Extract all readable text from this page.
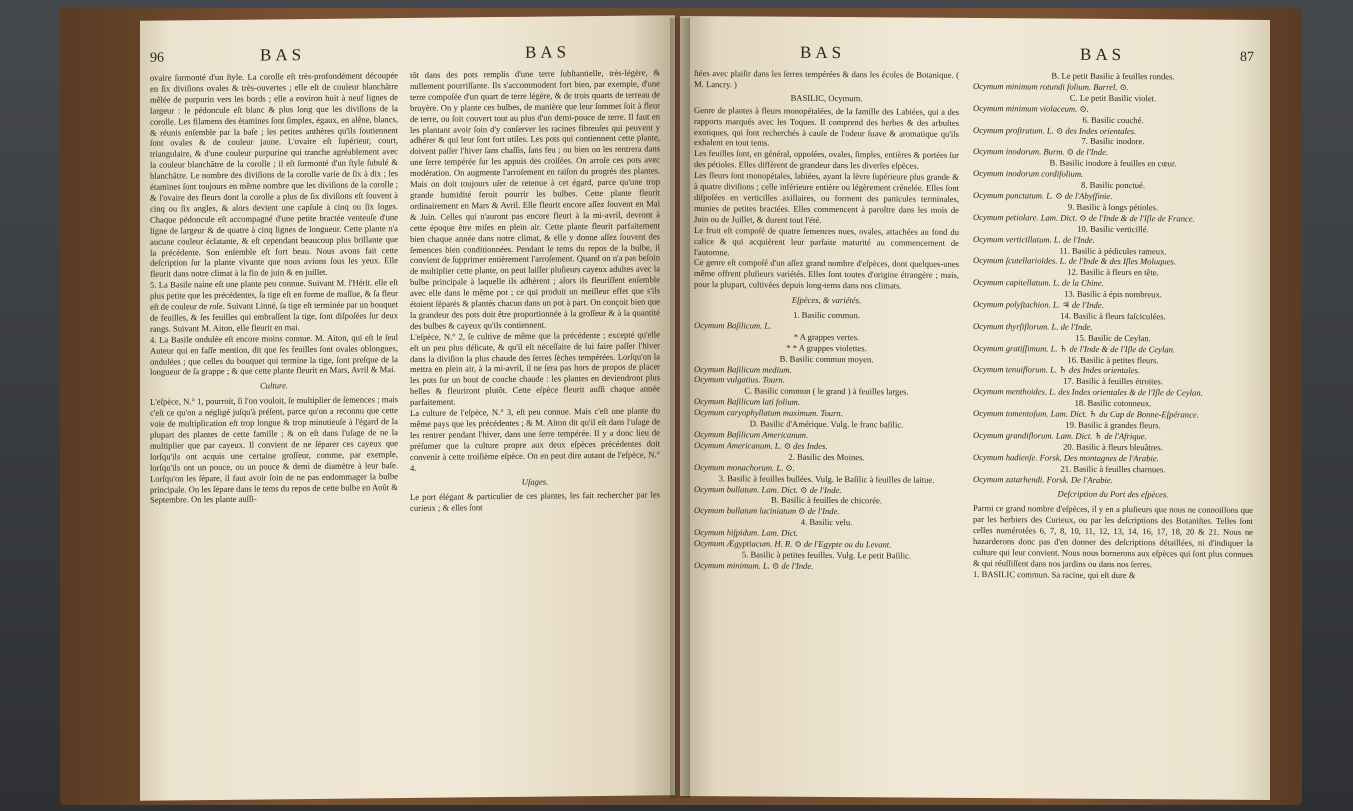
96	BAS	BAS

ovaire ſurmonté d'un ſtyle. La corolle eſt très-profondément découpée en ſix diviſions ovales & très-ouvertes ; elle eſt de couleur blanchâtre mêlée de purpurin vers les bords ; elle a environ huit à neuf lignes de largeur : le pédoncule eſt blanc & plus long que les diviſions de la corolle. Les filamens des étamines ſont ſimples, égaux, en alêne, blancs, & réunis enſemble par la baſe ; les petites anthères qu'ils ſoutiennent ſont ovales & de couleur jaune. L'ovaire eſt ſupérieur, court, triangulaire, & d'une couleur purpurine qui tranche agréablement avec la couleur blanchâtre de la corolle ; il eſt ſurmonté d'un ſtyle ſubulé & blanchâtre. Le nombre des diviſions de la corolle varie de ſix à dix ; les étamines ſont toujours en même nombre que les diviſions de la corolle ; & l'ovaire des fleurs dont la corolle a plus de ſix diviſions eſt ſouvent à cinq ou ſix angles, & alors devient une capſule à cinq ou ſix loges. Chaque pédoncule eſt accompagné d'une petite bractée venteuſe d'une ligne de largeur & de quatre à cinq lignes de longueur. Cette plante n'a aucune couleur éclatante, & eſt cependant beaucoup plus brillante que la précédente. Son enſemble eſt fort beau. Nous avons fait cette deſcription ſur la plante vivante que nous avions ſous les yeux. Elle fleurit dans notre climat à la fin de juin & en juillet.

5. La Basile naine eſt une plante peu connue. Suivant M. l'Hérit. elle eſt plus petite que les précédentes, ſa tige eſt en forme de maſſue, & ſa fleur eſt de couleur de roſe. Suivant Linné, ſa tige eſt terminée par un bouquet de feuilles, & ſes feuilles qui embraſſent la tige, ſont diſpoſées ſur deux rangs. Suivant M. Aiton, elle fleurit en mai.

4. La Basile ondulée eſt encore moins connue. M. Aiton, qui eſt le ſeul Auteur qui en faſſe mention, dit que ſes feuilles ſont ovales oblongues, ondulées ; que celles du bouquet qui termine la tige, ſont preſque de la longueur de ſa grappe ; & que cette plante fleurit en Mars, Avril & Mai.

Culture.

L'eſpèce, N.° 1, pourroit, ſi l'on vouloit, ſe multiplier de ſemences ; mais c'eſt ce qu'on a négligé juſqu'à préſent, parce qu'on a reconnu que cette voie de multiplication eſt trop longue & trop minutieuſe à l'égard de la plupart des plantes de cette famille ; & on eſt dans l'uſage de ne la multiplier que par cayeux. Il convient de ne ſéparer ces cayeux que lorſqu'ils ont acquis une certaine groſſeur, comme, par exemple, lorſqu'ils ont un pouce, ou un pouce & demi de diamètre à leur baſe. Lorſqu'on les ſépare, il faut avoir ſoin de ne pas endommager la bulbe principale. On les ſépare dans le tems du repos de cette bulbe en Août & Septembre. On les plante auſſi-

tôt dans des pots remplis d'une terre ſubſtantielle, très-légère, & nullement pourriſſante. Ils s'accommodent fort bien, par exemple, d'une terre compoſée d'un quart de terre légère, & de trois quarts de terreau de bruyère. On y plante ces bulbes, de manière que leur ſommet ſoit à fleur de terre, ou ſoit couvert tout au plus d'un demi-pouce de terre. Il faut en les plantant avoir ſoin d'y conſerver les racines fibreuſes qui peuvent y adhérer & qui leur ſont fort utiles. Les pots qui contiennent cette plante, doivent paſſer l'hiver ſans chaſſis, ſans feu ; ou bien on les rentrera dans une ſerre tempérée ſur les appuis des croiſées. On arroſe ces pots avec modération. On augmente l'arroſement en raiſon du progrès des plantes. Mais on doit toujours uſer de retenue à cet égard, parce qu'une trop grande humidité feroit pourrir les bulbes. Cette plante fleurit ordinairement en Mars & Avril. Elle fleurit encore aſſez ſouvent en Mai & Juin. Celles qui n'auront pas encore fleuri à la mi-avril, devront à cette époque être miſes en plein air. Cette plante fleurit parfaitement bien chaque année dans notre climat, & elle y donne aſſez ſouvent des ſemences bien conditionnées. Pendant le tems du repos de la bulbe, il convient de ſupprimer entièrement l'arroſement. Quand on n'a pas beſoin de multiplier cette plante, on peut laiſſer pluſieurs cayeux adultes avec la bulbe principale à laquelle ils adhèrent ; alors ils fleuriſſent enſemble avec elle dans le même pot ; ce qui produit un meilleur effet que s'ils étoient ſéparés & plantés chacun dans un pot à part. On conçoit bien que la grandeur des pots doit être proportionnée à la groſſeur & à la quantité des bulbes & cayeux qu'ils contiennent.

L'eſpèce, N.° 2, ſe cultive de même que la précédente ; excepté qu'elle eſt un peu plus délicate, & qu'il eſt néceſſaire de lui faire paſſer l'hiver dans la diviſion la plus chaude des ſerres ſèches tempérées. Lorſqu'on la mettra en plein air, à la mi-avril, il ne ſera pas hors de propos de placer les pots ſur un bout de couche chaude : les plantes en deviendront plus belles & fleuriront plutôt. Cette eſpèce fleurit auſſi chaque année parfaitement.

La culture de l'eſpèce, N.° 3, eſt peu connue. Mais c'eſt une plante du même pays que les précédentes ; & M. Aiton dit qu'il eſt dans l'uſage de les rentrer pendant l'hiver, dans une ſerre tempérée. Il y a donc lieu de préſumer que la culture propre aux deux eſpèces précédentes doit convenir à cette troiſième eſpèce. On en peut dire autant de l'eſpèce, N.° 4.

Uſages.

Le port élégant & particulier de ces plantes, les fait rechercher par les curieux ; & elles ſont

BAS	BAS	87

ſtées avec plaiſir dans les ſerres tempérées & dans les écoles de Botanique. ( M. Lancry. )

BASILIC, Ocymum.

Genre de plantes à fleurs monopétalées, de la famille des Labiées, qui a des rapports marqués avec les Toques. Il comprend des herbes & des arbuſtes exotiques, qui ſont recherchés à cauſe de l'odeur ſuave & aromatique qu'ils exhalent en tout tems.

Les feuilles ſont, en général, oppoſées, ovales, ſimples, entières & portées ſur des pétioles. Elles diffèrent de grandeur dans les diverſes eſpèces.

Les fleurs ſont monopétales, labiées, ayant la lèvre ſupérieure plus grande & à quatre diviſions ; celle inférieure entière ou légèrement crénelée. Elles ſont diſpoſées en verticilles axillaires, ou forment des panicules terminales, munies de petites bractées. Elles commencent à paroître dans les mois de Juin ou de Juillet, & durent tout l'été.

Le fruit eſt compoſé de quatre ſemences nues, ovales, attachées au fond du calice & qui acquièrent leur parfaite maturité au commencement de l'automne.

Ce genre eſt compoſé d'un aſſez grand nombre d'eſpèces, dont quelques-unes même offrent pluſieurs variétés. Elles ſont toutes d'origine étrangère ; mais, pour la plupart, cultivées depuis long-tems dans nos climats.

Eſpèces, & variétés.

1. Basilic commun.

Ocymum Baſilicum. L.

* A grappes vertes.

* * A grappes violettes.

B. Basilic commun moyen.

Ocymum Baſilicum medium.

Ocymum vulgatius. Tourn.

C. Basilic commun ( le grand ) à feuilles larges.

Ocymum Baſilicum lati folium.

Ocymum caryophyllatum maximum. Tourn.

D. Basilic d'Amérique. Vulg. le franc baſilic.

Ocymum Baſilicum Americanum.

Ocymum Americanum. L. ⊙ des Indes.

2. Basilic des Moines.

Ocymum monachorum. L. ⊙.

3. Basilic à feuilles bullées. Vulg. le Baſilic à feuilles de laitue.

Ocymum bullatum. Lam. Dict. ⊙ de l'Inde.

B. Basilic à feuilles de chicorée.

Ocymum bullatum laciniatum ⊙ de l'Inde.

4. Basilic velu.

Ocymum hiſpidum. Lam. Dict.

Ocymum Ægyptiacum. H. R. ⊙ de l'Egypte ou du Levant.

5. Basilic à petites feuilles. Vulg. Le petit Baſilic.

Ocymum minimum. L. ⊙ de l'Inde.

B. Le petit Basilic à feuilles rondes.

Ocymum minimum rotundi folium. Barrel. ⊙.

C. Le petit Basilic violet.

Ocymum minimum violaceum. ⊙.

6. Basilic couché.

Ocymum proſtratum. L. ⊙ des Indes orientales.

7. Basilic inodore.

Ocymum inodorum. Burm. ⊙ de l'Inde.

B. Basilic inodore à feuilles en cœur.

Ocymum inodorum cordifolium.

8. Basilic ponctué.

Ocymum punctatum. L. ⊙ de l'Abyſſinie.

9. Basilic à longs pétioles.

Ocymum petiolare. Lam. Dict. ⊙ de l'Inde & de l'Iſle de France.

10. Basilic verticillé.

Ocymum verticillatum. L. de l'Inde.

11. Basilic à pédicules rameux.

Ocymum ſcutellarioïdes. L. de l'Inde & des Iſles Moluques.

12. Basilic à fleurs en tête.

Ocymum capitellatum. L. de la Chine.

13. Basilic à épis nombreux.

Ocymum polyſtachion. L. ♃ de l'Inde.

14. Basilic à fleurs faſciculées.

Ocymum thyrſiflorum. L. de l'Inde.

15. Basilic de Ceylan.

Ocymum gratiſſimum. L. ♄ de l'Inde & de l'Iſle de Ceylan.

16. Basilic à petites fleurs.

Ocymum tenuiflorum. L. ♄ des Indes orientales.

17. Basilic à feuilles étroites.

Ocymum menthoides. L. des Indes orientales & de l'Iſle de Ceylan.

18. Basilic cotonneux.

Ocymum tomentoſum. Lam. Dict. ♄ du Cap de Bonne-Eſpérance.

19. Basilic à grandes fleurs.

Ocymum grandiflorum. Lam. Dict. ♄ de l'Afrique.

20. Basilic à fleurs bleuâtres.

Ocymum hadienſe. Forsk. Des montagnes de l'Arabie.

21. Basilic à feuilles charnues.

Ocymum zatarhendi. Forsk. De l'Arabie.

Deſcription du Port des eſpèces.

Parmi ce grand nombre d'eſpèces, il y en a pluſieurs que nous ne connoiſſons que par les herbiers des Curieux, ou par les deſcriptions des Botaniſtes. Telles ſont celles numérotées 6, 7, 8, 10, 11, 12, 13, 14, 16, 17, 18, 20 & 21. Nous ne hazarderons donc pas d'en donner des deſcriptions détaillées, ni d'indiquer la culture qui leur convient. Nous nous bornerons aux eſpèces qui ſont plus connues & qui réuſſiſſent dans nos jardins ou dans nos ſerres.

1. BASILIC commun. Sa racine, qui eſt dure &
